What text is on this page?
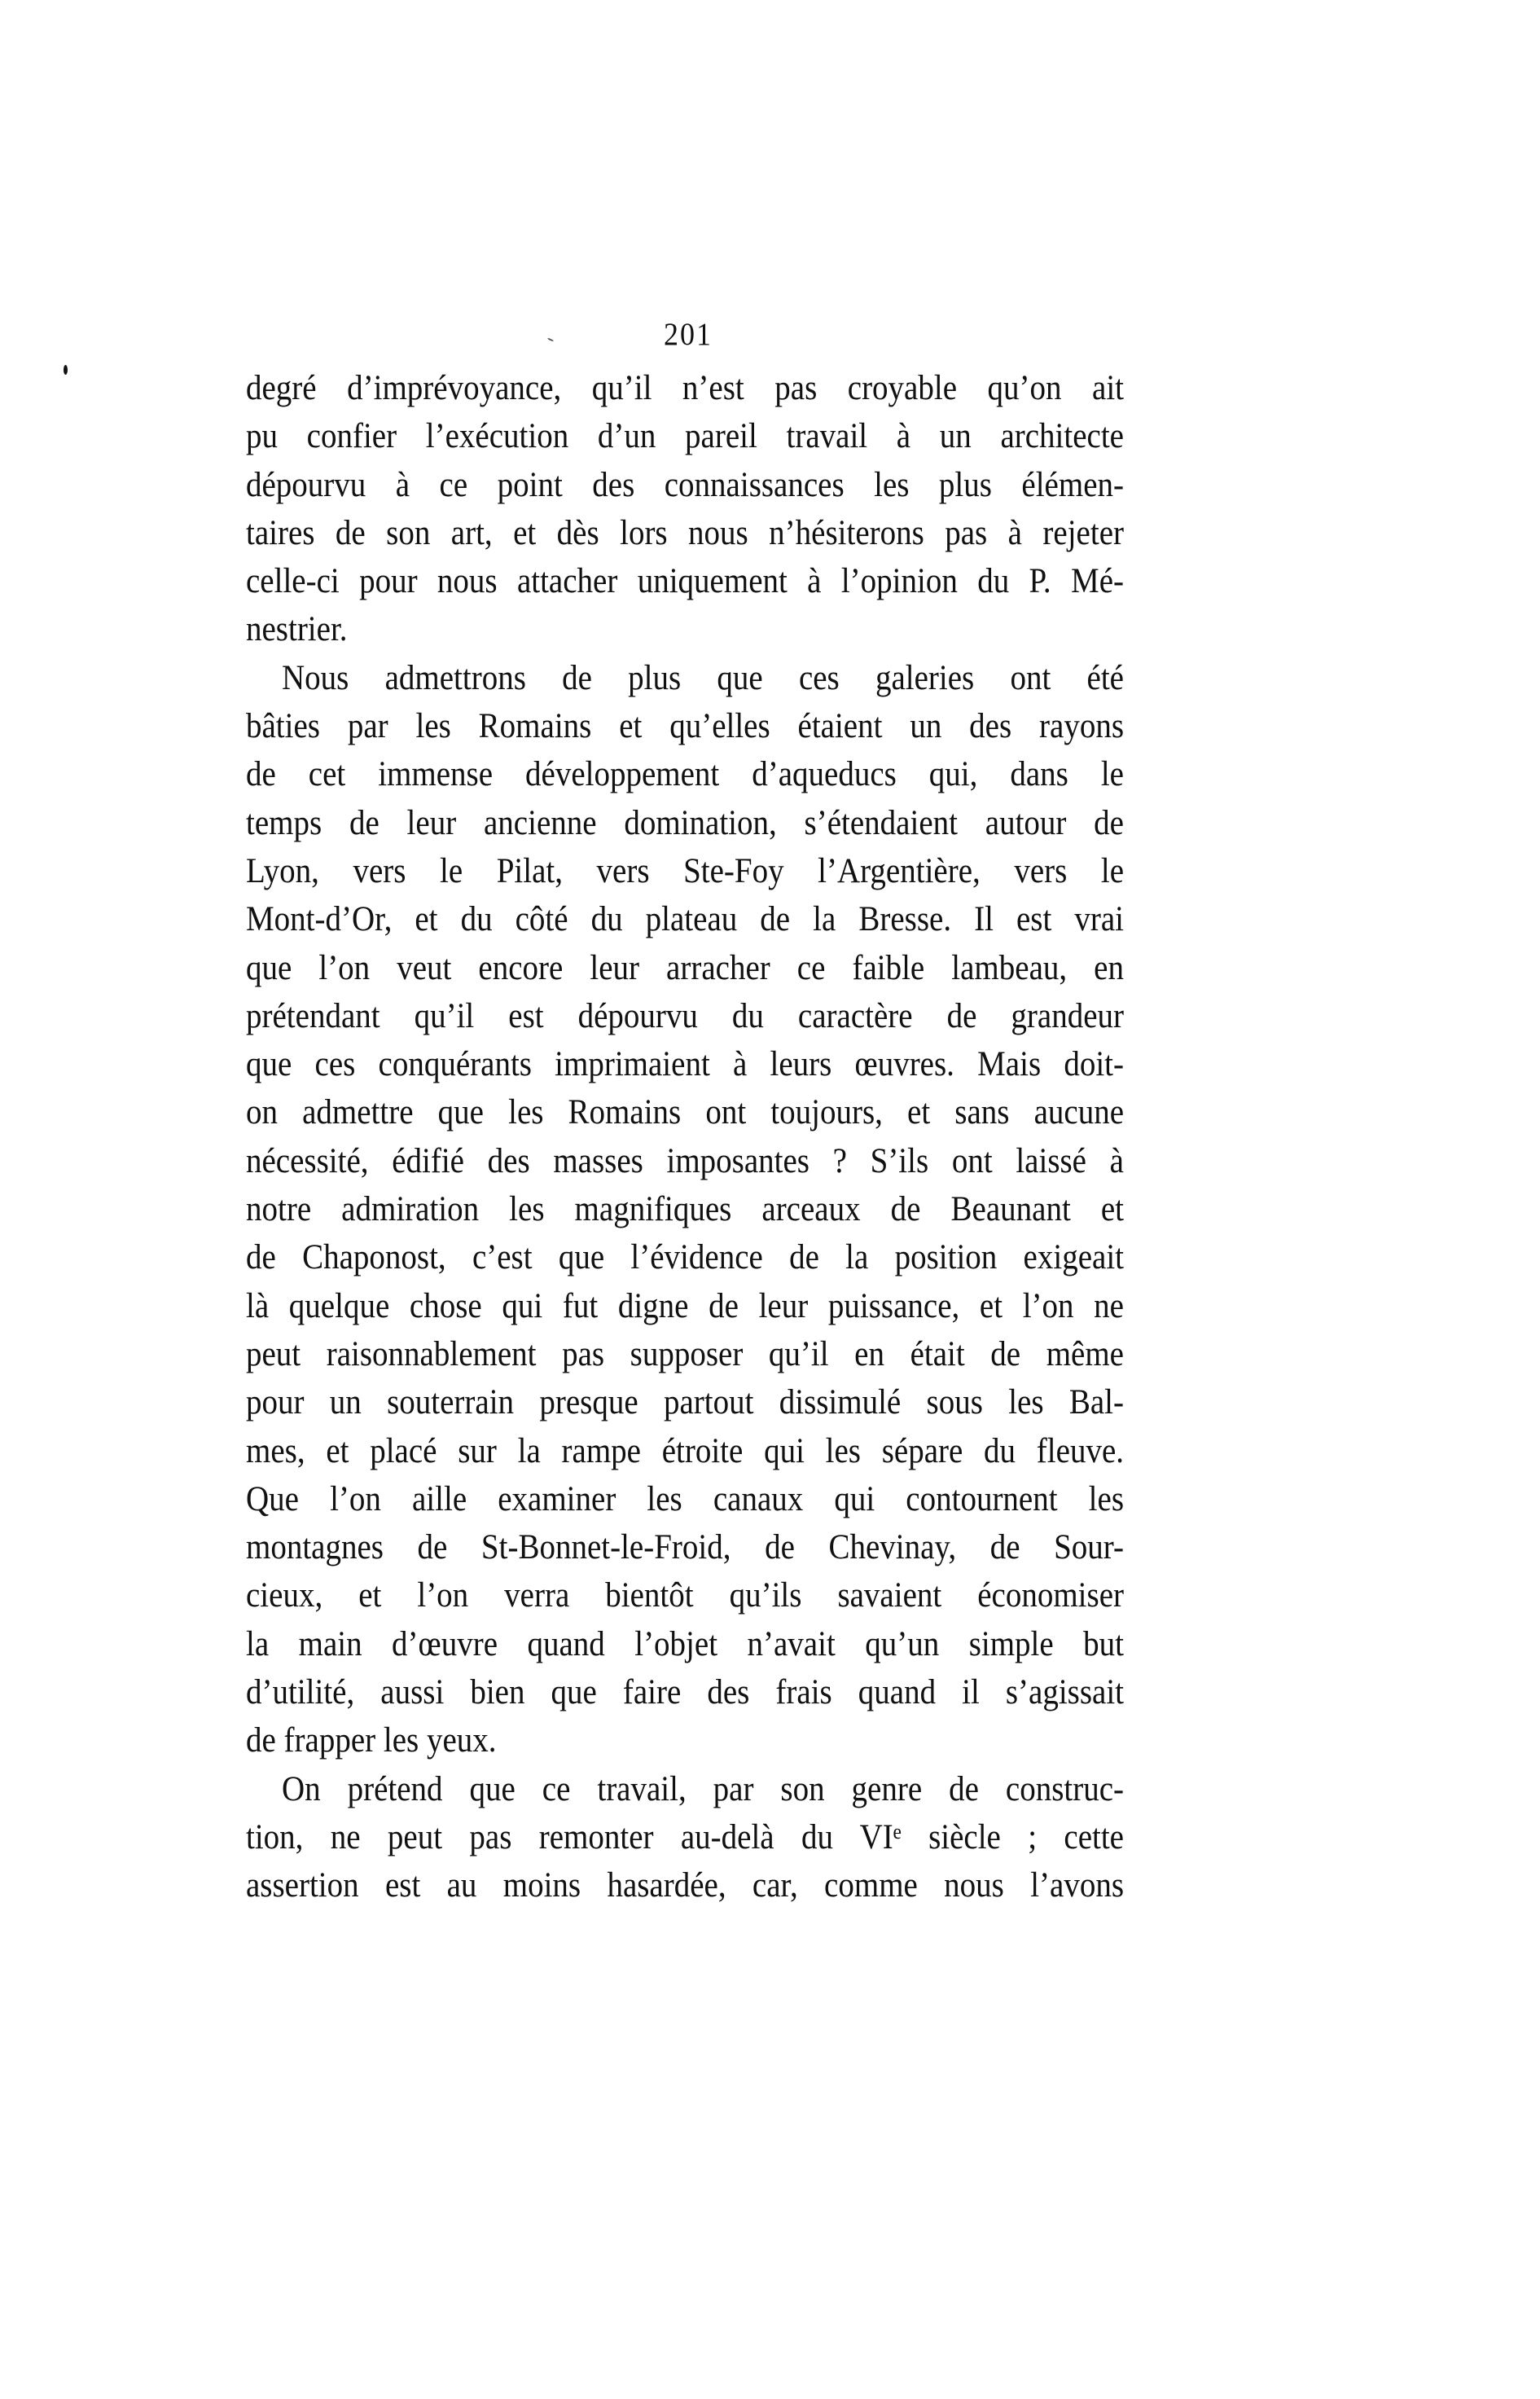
201
degré d’imprévoyance, qu’il n’est pas croyable qu’on ait
pu confier l’exécution d’un pareil travail à un architecte
dépourvu à ce point des connaissances les plus élémen-
taires de son art, et dès lors nous n’hésiterons pas à rejeter
celle-ci pour nous attacher uniquement à l’opinion du P. Mé-
nestrier.
Nous admettrons de plus que ces galeries ont été
bâties par les Romains et qu’elles étaient un des rayons
de cet immense développement d’aqueducs qui, dans le
temps de leur ancienne domination, s’étendaient autour de
Lyon, vers le Pilat, vers Ste-Foy l’Argentière, vers le
Mont-d’Or, et du côté du plateau de la Bresse. Il est vrai
que l’on veut encore leur arracher ce faible lambeau, en
prétendant qu’il est dépourvu du caractère de grandeur
que ces conquérants imprimaient à leurs œuvres. Mais doit-
on admettre que les Romains ont toujours, et sans aucune
nécessité, édifié des masses imposantes ? S’ils ont laissé à
notre admiration les magnifiques arceaux de Beaunant et
de Chaponost, c’est que l’évidence de la position exigeait
là quelque chose qui fut digne de leur puissance, et l’on ne
peut raisonnablement pas supposer qu’il en était de même
pour un souterrain presque partout dissimulé sous les Bal-
mes, et placé sur la rampe étroite qui les sépare du fleuve.
Que l’on aille examiner les canaux qui contournent les
montagnes de St-Bonnet-le-Froid, de Chevinay, de Sour-
cieux, et l’on verra bientôt qu’ils savaient économiser
la main d’œuvre quand l’objet n’avait qu’un simple but
d’utilité, aussi bien que faire des frais quand il s’agissait
de frapper les yeux.
On prétend que ce travail, par son genre de construc-
tion, ne peut pas remonter au-delà du VIᵉ siècle ; cette
assertion est au moins hasardée, car, comme nous l’avons
